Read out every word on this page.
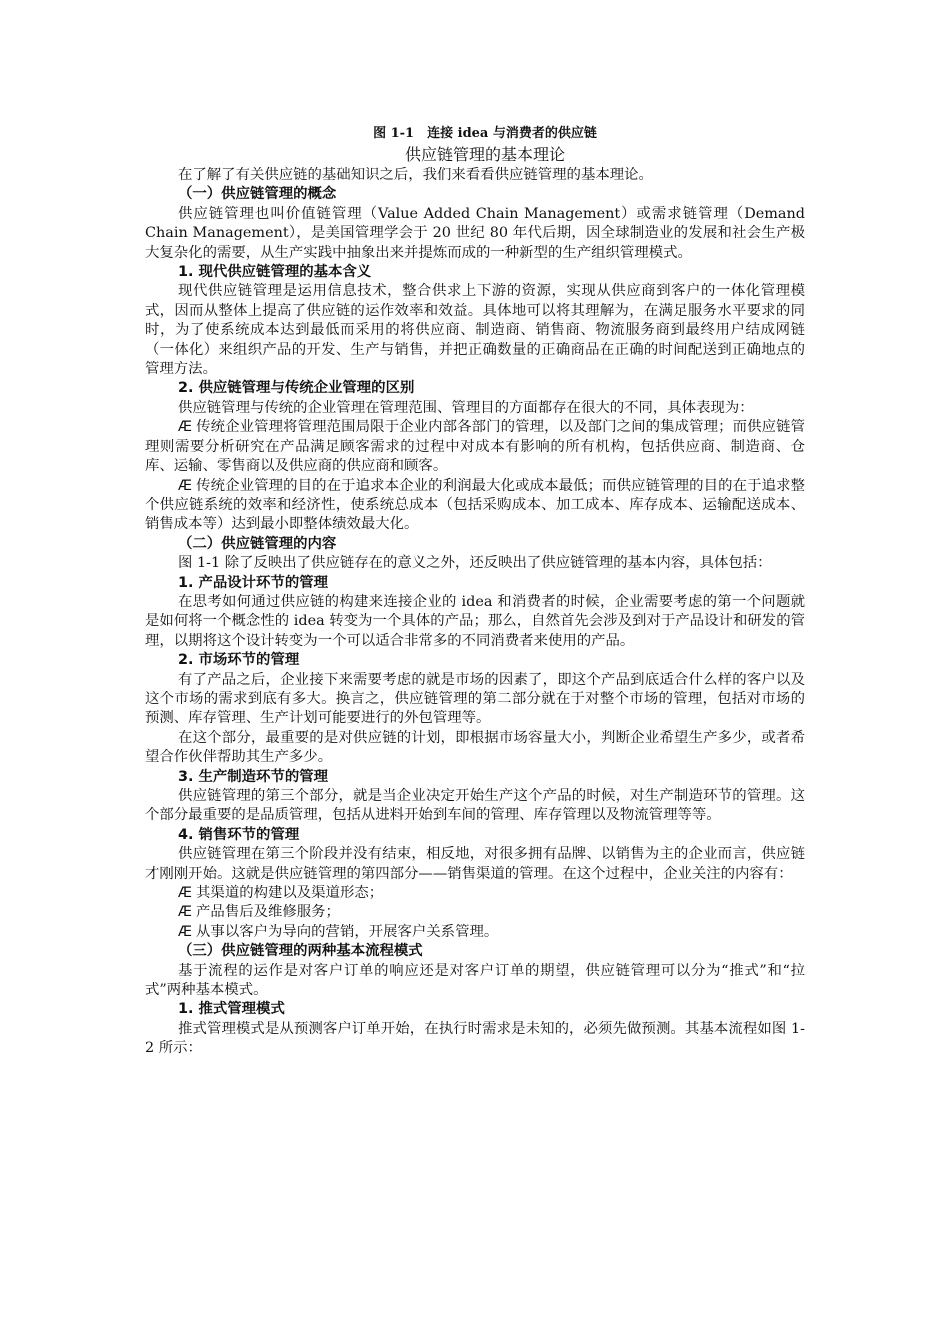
图 1-1　连接 idea 与消费者的供应链
供应链管理的基本理论

在了解了有关供应链的基础知识之后，我们来看看供应链管理的基本理论。

（一）供应链管理的概念

供应链管理也叫价值链管理（Value Added Chain Management）或需求链管理（Demand Chain Management），是美国管理学会于 20 世纪 80 年代后期，因全球制造业的发展和社会生产极大复杂化的需要，从生产实践中抽象出来并提炼而成的一种新型的生产组织管理模式。

1. 现代供应链管理的基本含义

现代供应链管理是运用信息技术，整合供求上下游的资源，实现从供应商到客户的一体化管理模式，因而从整体上提高了供应链的运作效率和效益。具体地可以将其理解为，在满足服务水平要求的同时，为了使系统成本达到最低而采用的将供应商、制造商、销售商、物流服务商到最终用户结成网链（一体化）来组织产品的开发、生产与销售，并把正确数量的正确商品在正确的时间配送到正确地点的管理方法。

2. 供应链管理与传统企业管理的区别

供应链管理与传统的企业管理在管理范围、管理目的方面都存在很大的不同，具体表现为：

Æ 传统企业管理将管理范围局限于企业内部各部门的管理，以及部门之间的集成管理；而供应链管理则需要分析研究在产品满足顾客需求的过程中对成本有影响的所有机构，包括供应商、制造商、仓库、运输、零售商以及供应商的供应商和顾客。

Æ 传统企业管理的目的在于追求本企业的利润最大化或成本最低；而供应链管理的目的在于追求整个供应链系统的效率和经济性，使系统总成本（包括采购成本、加工成本、库存成本、运输配送成本、销售成本等）达到最小即整体绩效最大化。

（二）供应链管理的内容

图 1-1 除了反映出了供应链存在的意义之外，还反映出了供应链管理的基本内容，具体包括：

1. 产品设计环节的管理

在思考如何通过供应链的构建来连接企业的 idea 和消费者的时候，企业需要考虑的第一个问题就是如何将一个概念性的 idea 转变为一个具体的产品；那么，自然首先会涉及到对于产品设计和研发的管理，以期将这个设计转变为一个可以适合非常多的不同消费者来使用的产品。

2. 市场环节的管理

有了产品之后，企业接下来需要考虑的就是市场的因素了，即这个产品到底适合什么样的客户以及这个市场的需求到底有多大。换言之，供应链管理的第二部分就在于对整个市场的管理，包括对市场的预测、库存管理、生产计划可能要进行的外包管理等。

在这个部分，最重要的是对供应链的计划，即根据市场容量大小，判断企业希望生产多少，或者希望合作伙伴帮助其生产多少。

3. 生产制造环节的管理

供应链管理的第三个部分，就是当企业决定开始生产这个产品的时候，对生产制造环节的管理。这个部分最重要的是品质管理，包括从进料开始到车间的管理、库存管理以及物流管理等等。

4. 销售环节的管理

供应链管理在第三个阶段并没有结束，相反地，对很多拥有品牌、以销售为主的企业而言，供应链才刚刚开始。这就是供应链管理的第四部分——销售渠道的管理。在这个过程中，企业关注的内容有：

Æ 其渠道的构建以及渠道形态；

Æ 产品售后及维修服务；

Æ 从事以客户为导向的营销，开展客户关系管理。

（三）供应链管理的两种基本流程模式

基于流程的运作是对客户订单的响应还是对客户订单的期望，供应链管理可以分为“推式”和“拉式”两种基本模式。

1. 推式管理模式

推式管理模式是从预测客户订单开始，在执行时需求是未知的，必须先做预测。其基本流程如图 1-2 所示：
